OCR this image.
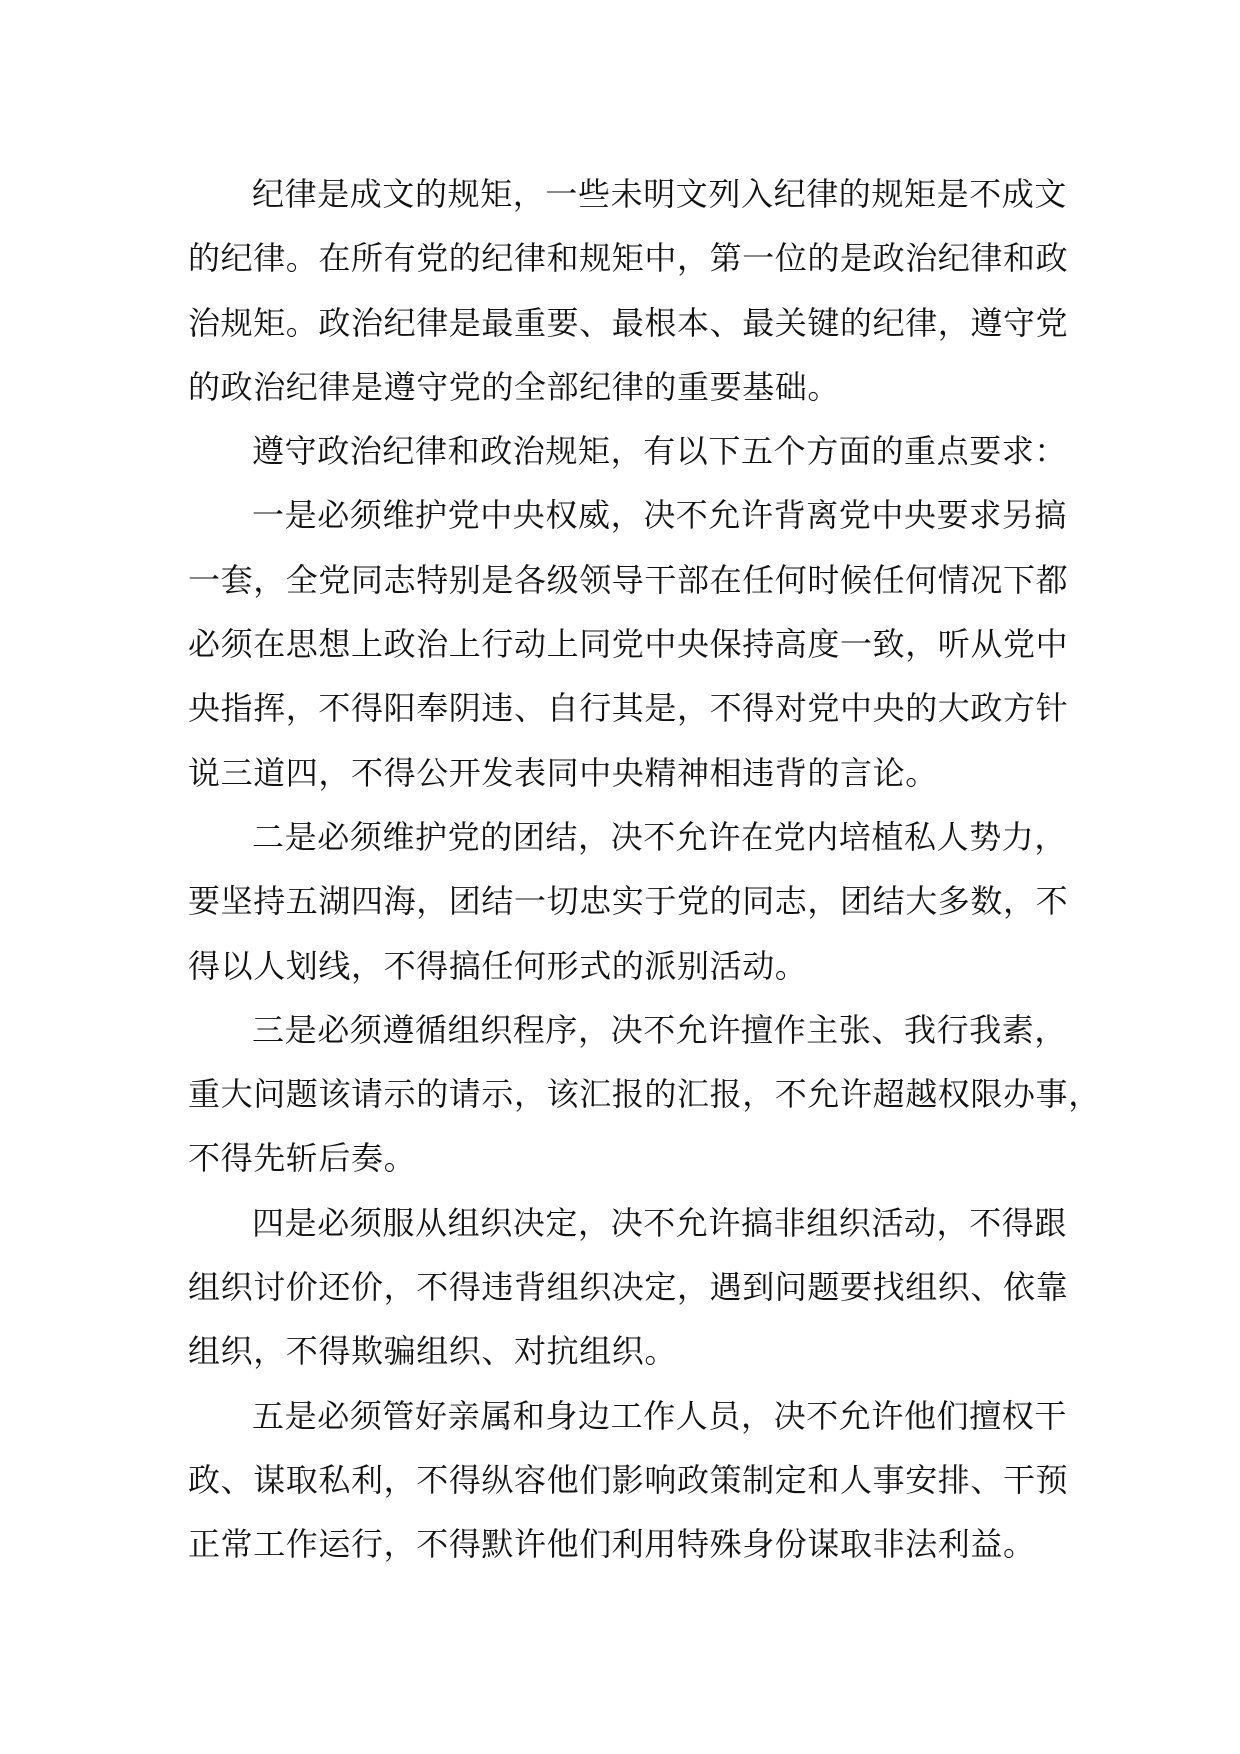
纪律是成文的规矩，一些未明文列入纪律的规矩是不成文
的纪律。在所有党的纪律和规矩中，第一位的是政治纪律和政
治规矩。政治纪律是最重要、最根本、最关键的纪律，遵守党
的政治纪律是遵守党的全部纪律的重要基础。

遵守政治纪律和政治规矩，有以下五个方面的重点要求：

一是必须维护党中央权威，决不允许背离党中央要求另搞
一套，全党同志特别是各级领导干部在任何时候任何情况下都
必须在思想上政治上行动上同党中央保持高度一致，听从党中
央指挥，不得阳奉阴违、自行其是，不得对党中央的大政方针
说三道四，不得公开发表同中央精神相违背的言论。

二是必须维护党的团结，决不允许在党内培植私人势力，
要坚持五湖四海，团结一切忠实于党的同志，团结大多数，不
得以人划线，不得搞任何形式的派别活动。

三是必须遵循组织程序，决不允许擅作主张、我行我素，
重大问题该请示的请示，该汇报的汇报，不允许超越权限办事，
不得先斩后奏。

四是必须服从组织决定，决不允许搞非组织活动，不得跟
组织讨价还价，不得违背组织决定，遇到问题要找组织、依靠
组织，不得欺骗组织、对抗组织。

五是必须管好亲属和身边工作人员，决不允许他们擅权干
政、谋取私利，不得纵容他们影响政策制定和人事安排、干预
正常工作运行，不得默许他们利用特殊身份谋取非法利益。
